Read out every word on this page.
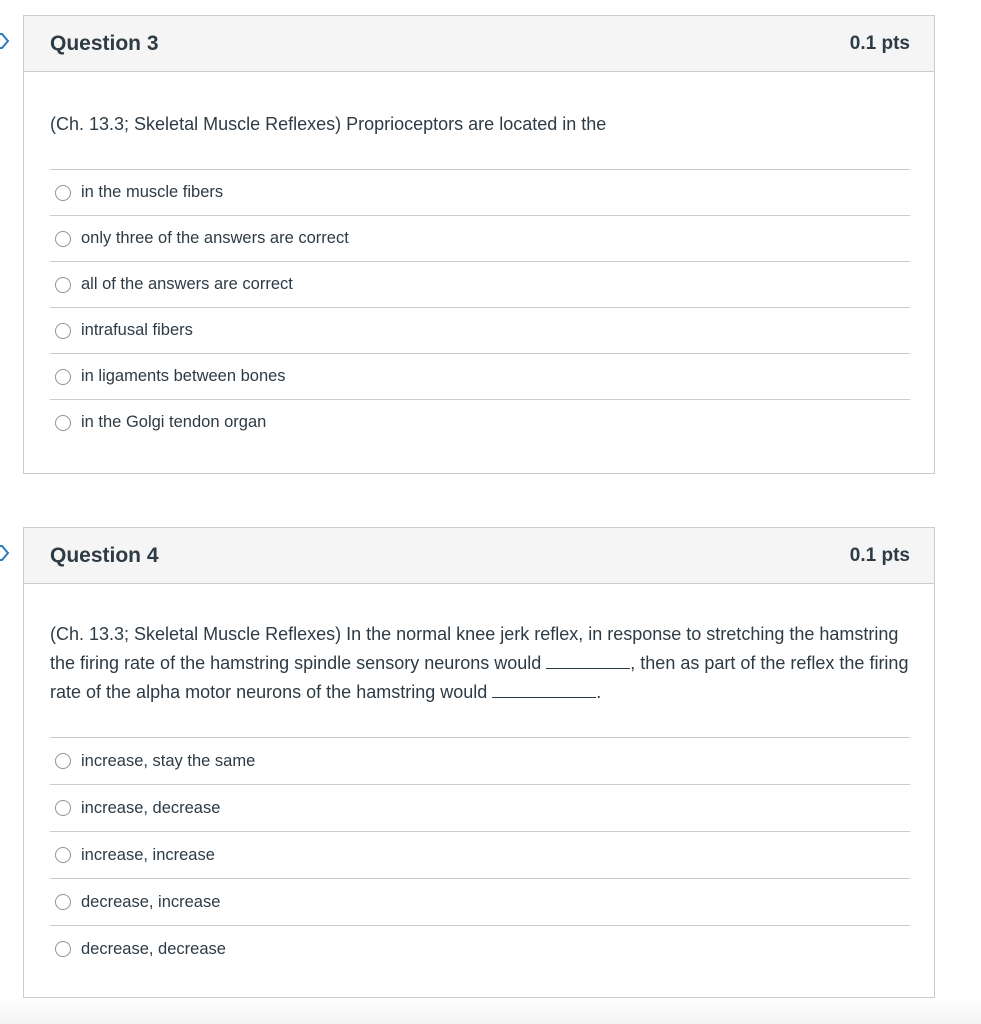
Question 3	0.1 pts

(Ch. 13.3; Skeletal Muscle Reflexes) Proprioceptors are located in the

in the muscle fibers
only three of the answers are correct
all of the answers are correct
intrafusal fibers
in ligaments between bones
in the Golgi tendon organ
Question 4	0.1 pts

(Ch. 13.3; Skeletal Muscle Reflexes) In the normal knee jerk reflex, in response to stretching the hamstring the firing rate of the hamstring spindle sensory neurons would	, then as part of the reflex the firing rate of the alpha motor neurons of the hamstring would	.

increase, stay the same
increase, decrease
increase, increase
decrease, increase
decrease, decrease
